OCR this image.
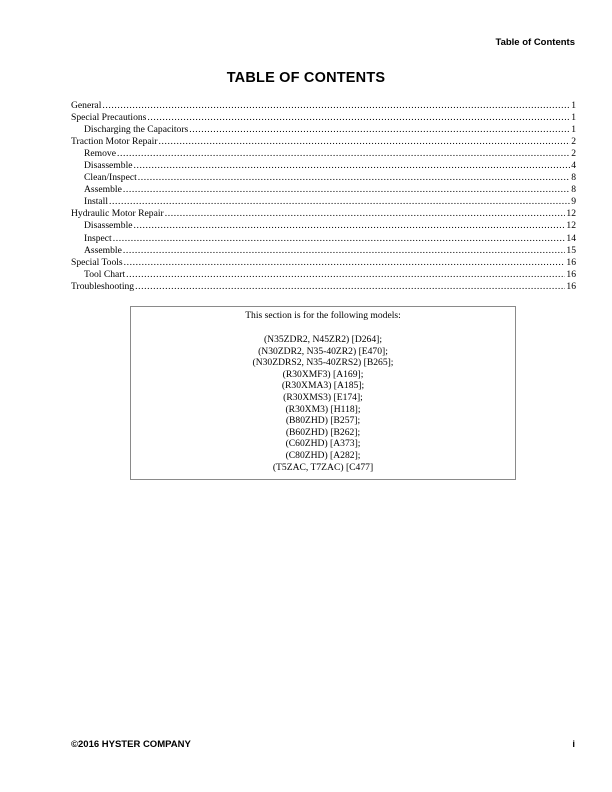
Table of Contents
TABLE OF CONTENTS
General .....	1
Special Precautions .....	1
Discharging the Capacitors .....	1
Traction Motor Repair .....	2
Remove .....	2
Disassemble .....	4
Clean/Inspect .....	8
Assemble .....	8
Install .....	9
Hydraulic Motor Repair .....	12
Disassemble .....	12
Inspect .....	14
Assemble .....	15
Special Tools .....	16
Tool Chart .....	16
Troubleshooting .....	16
This section is for the following models:
(N35ZDR2, N45ZR2) [D264];
(N30ZDR2, N35-40ZR2) [E470];
(N30ZDRS2, N35-40ZRS2) [B265];
(R30XMF3) [A169];
(R30XMA3) [A185];
(R30XMS3) [E174];
(R30XM3) [H118];
(B80ZHD) [B257];
(B60ZHD) [B262];
(C60ZHD) [A373];
(C80ZHD) [A282];
(T5ZAC, T7ZAC) [C477]
©2016 HYSTER COMPANY	i
